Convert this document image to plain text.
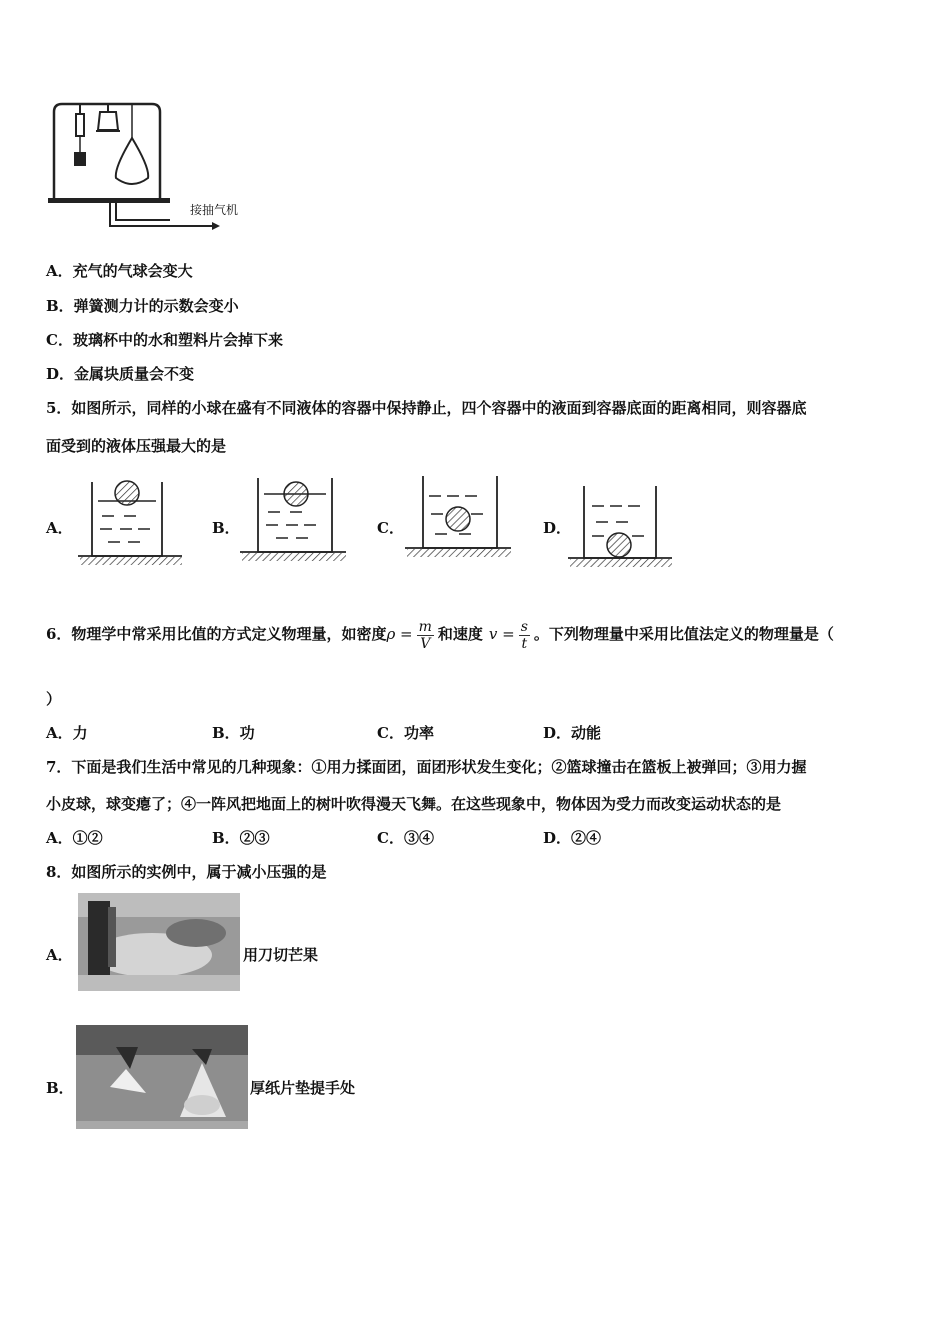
接抽气机
A．充气的气球会变大
B．弹簧测力计的示数会变小
C．玻璃杯中的水和塑料片会掉下来
D．金属块质量会不变
5．如图所示，同样的小球在盛有不同液体的容器中保持静止，四个容器中的液面到容器底面的距离相同，则容器底
面受到的液体压强最大的是
A．	B．	C．	D．
6．物理学中常采用比值的方式定义物理量，如密度$\rho = \frac{m}{V}$ 和速度 $v = \frac{s}{t}$ 。下列物理量中采用比值法定义的物理量是（
）
A．力	B．功	C．功率	D．动能
7．下面是我们生活中常见的几种现象：①用力揉面团，面团形状发生变化；②篮球撞击在篮板上被弹回；③用力握
小皮球，球变瘪了；④一阵风把地面上的树叶吹得漫天飞舞。在这些现象中，物体因为受力而改变运动状态的是
A．①②	B．②③	C．③④	D．②④
8．如图所示的实例中，属于减小压强的是
A．	用刀切芒果
B．	厚纸片垫提手处
